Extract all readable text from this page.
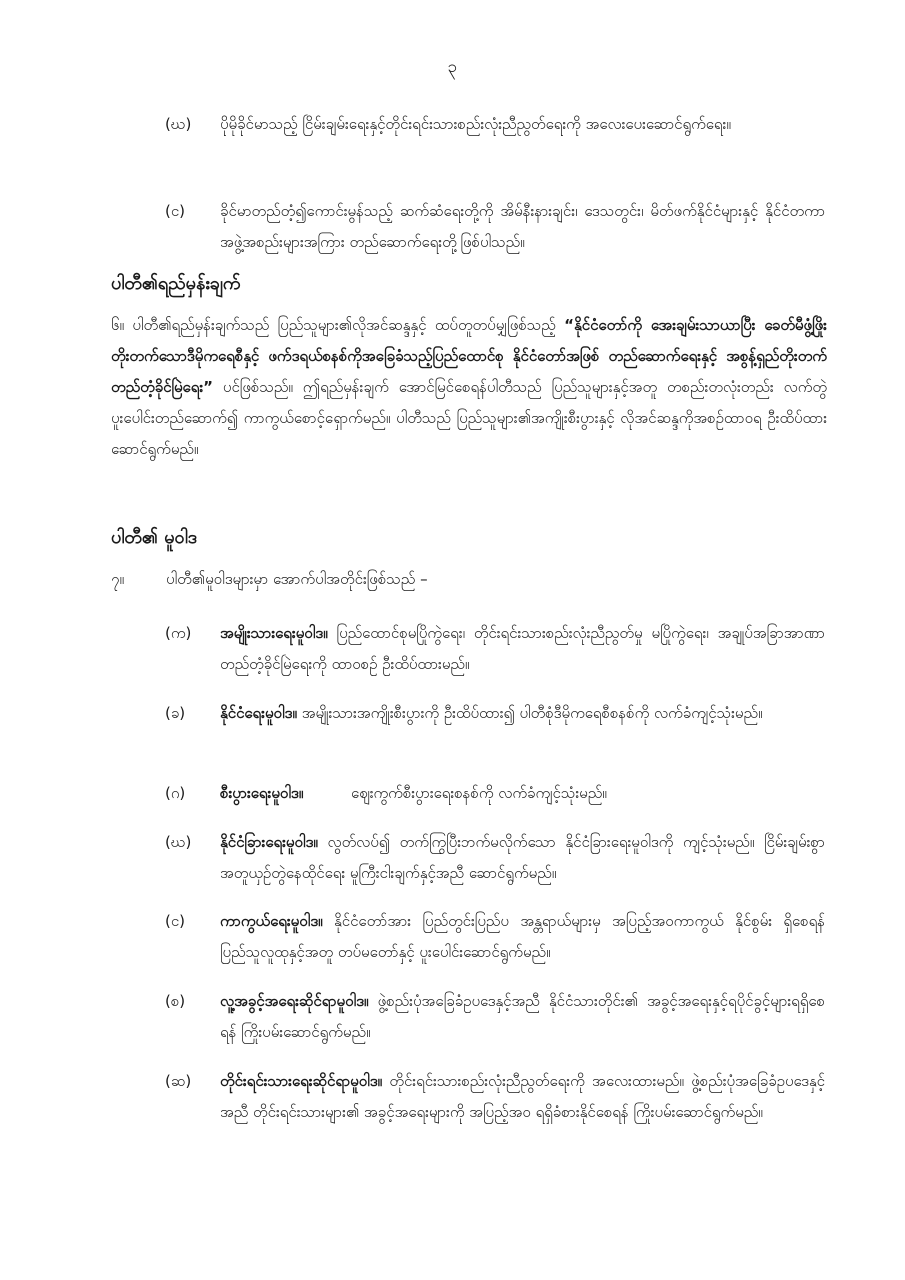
၃
(ဃ)	ပိုမိုခိုင်မာသည့် ငြိမ်းချမ်းရေးနှင့်တိုင်းရင်းသားစည်းလုံးညီညွတ်ရေးကို အလေးပေးဆောင်ရွက်ရေး။
(င)	ခိုင်မာတည်တံ့၍ကောင်းမွန်သည့် ဆက်ဆံရေးတို့ကို အိမ်နီးနားချင်း၊ ဒေသတွင်း၊ မိတ်ဖက်နိုင်ငံများနှင့် နိုင်ငံတကာအဖွဲ့အစည်းများအကြား တည်ဆောက်ရေးတို့ဖြစ်ပါသည်။
ပါတီ၏ရည်မှန်းချက်
၆။ ပါတီ၏ရည်မှန်းချက်သည် ပြည်သူများ၏လိုအင်ဆန္ဒနှင့် ထပ်တူတပ်မျှဖြစ်သည့် “နိုင်ငံတော်ကို အေးချမ်းသာယာပြီး ခေတ်မီဖွံ့ဖြိုးတိုးတက်သောဒီမိုကရေစီနှင့် ဖက်ဒရယ်စနစ်ကိုအခြေခံသည့်ပြည်ထောင်စု နိုင်ငံတော်အဖြစ် တည်ဆောက်ရေးနှင့် အစွန့်ရှည်တိုးတက်တည်တံ့ခိုင်မြဲရေး” ပင်ဖြစ်သည်။ ဤရည်မှန်းချက် အောင်မြင်စေရန်ပါတီသည် ပြည်သူများနှင့်အတူ တစည်းတလုံးတည်း လက်တွဲပူးပေါင်းတည်ဆောက်၍ ကာကွယ်စောင့်ရှောက်မည်။ ပါတီသည် ပြည်သူများ၏အကျိုးစီးပွားနှင့် လိုအင်ဆန္ဒကိုအစဉ်ထာဝရ ဦးထိပ်ထားဆောင်ရွက်မည်။
ပါတီ၏ မူဝါဒ
၇။	ပါတီ၏မူဝါဒများမှာ အောက်ပါအတိုင်းဖြစ်သည် –
(က)	အမျိုးသားရေးမူဝါဒ။ ပြည်ထောင်စုမပြိုကွဲရေး၊ တိုင်းရင်းသားစည်းလုံးညီညွတ်မှု မပြိုကွဲရေး၊ အချုပ်အခြာအာဏာတည်တံ့ခိုင်မြဲရေးကို ထာဝစဉ် ဦးထိပ်ထားမည်။
(ခ)	နိုင်ငံရေးမူဝါဒ။ အမျိုးသားအကျိုးစီးပွားကို ဦးထိပ်ထား၍ ပါတီစုံဒီမိုကရေစီစနစ်ကို လက်ခံကျင့်သုံးမည်။
(ဂ)	စီးပွားရေးမူဝါဒ။	ဈေးကွက်စီးပွားရေးစနစ်ကို လက်ခံကျင့်သုံးမည်။
(ဃ)	နိုင်ငံခြားရေးမူဝါဒ။ လွတ်လပ်၍ တက်ကြွပြီးဘက်မလိုက်သော နိုင်ငံခြားရေးမူဝါဒကို ကျင့်သုံးမည်။ ငြိမ်းချမ်းစွာအတူယှဉ်တွဲနေထိုင်ရေး မူကြီးငါးချက်နှင့်အညီ ဆောင်ရွက်မည်။
(င)	ကာကွယ်ရေးမူဝါဒ။ နိုင်ငံတော်အား ပြည်တွင်းပြည်ပ အန္တရာယ်များမှ အပြည့်အဝကာကွယ် နိုင်စွမ်း ရှိစေရန် ပြည်သူလူထုနှင့်အတူ တပ်မတော်နှင့် ပူးပေါင်းဆောင်ရွက်မည်။
(စ)	လူ့အခွင့်အရေးဆိုင်ရာမူဝါဒ။ ဖွဲ့စည်းပုံအခြေခံဥပဒေနှင့်အညီ နိုင်ငံသားတိုင်း၏ အခွင့်အရေးနှင့်ရပိုင်ခွင့်များရရှိစေရန် ကြိုးပမ်းဆောင်ရွက်မည်။
(ဆ)	တိုင်းရင်းသားရေးဆိုင်ရာမူဝါဒ။ တိုင်းရင်းသားစည်းလုံးညီညွတ်ရေးကို အလေးထားမည်။ ဖွဲ့စည်းပုံအခြေခံဥပဒေနှင့်အညီ တိုင်းရင်းသားများ၏ အခွင့်အရေးများကို အပြည့်အဝ ရရှိခံစားနိုင်စေရန် ကြိုးပမ်းဆောင်ရွက်မည်။
